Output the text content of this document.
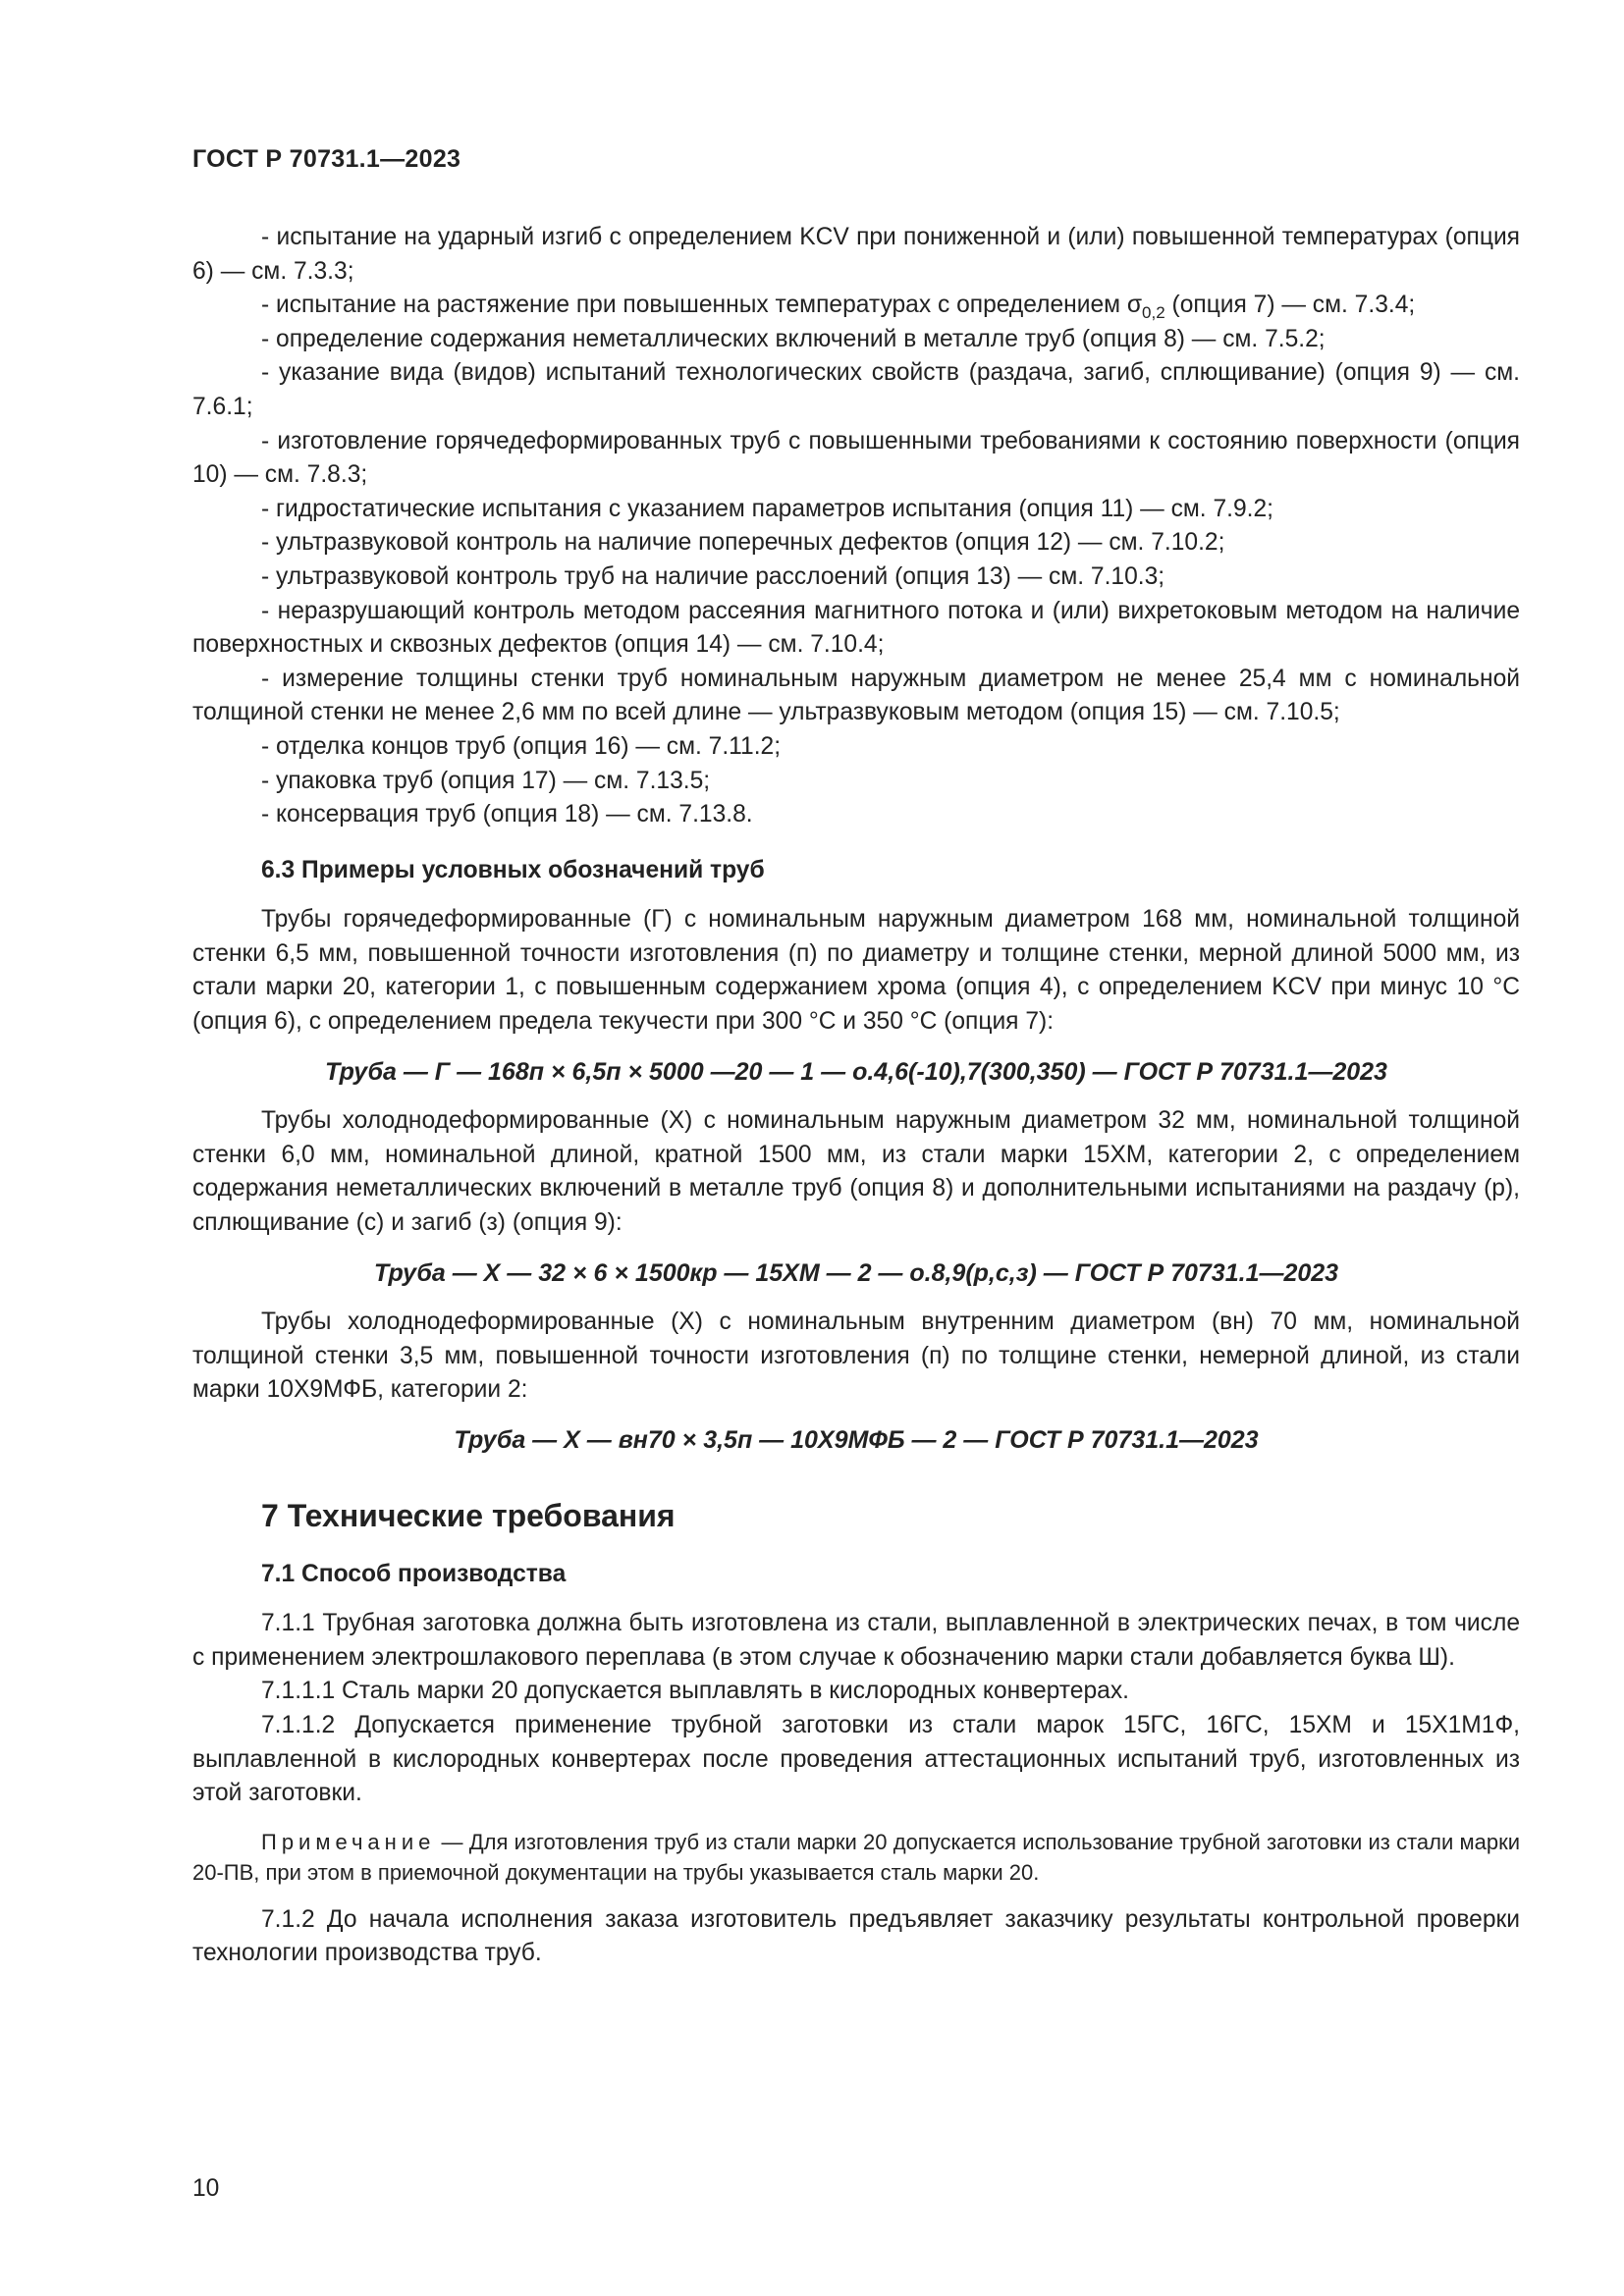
ГОСТ Р 70731.1—2023

- испытание на ударный изгиб с определением KCV при пониженной и (или) повышенной температурах (опция 6) — см. 7.3.3;

- испытание на растяжение при повышенных температурах с определением $\sigma_{0,2}$ (опция 7) — см. 7.3.4;

- определение содержания неметаллических включений в металле труб (опция 8) — см. 7.5.2;

- указание вида (видов) испытаний технологических свойств (раздача, загиб, сплющивание) (опция 9) — см. 7.6.1;

- изготовление горячедеформированных труб с повышенными требованиями к состоянию поверхности (опция 10) — см. 7.8.3;

- гидростатические испытания с указанием параметров испытания (опция 11) — см. 7.9.2;

- ультразвуковой контроль на наличие поперечных дефектов (опция 12) — см. 7.10.2;

- ультразвуковой контроль труб на наличие расслоений (опция 13) — см. 7.10.3;

- неразрушающий контроль методом рассеяния магнитного потока и (или) вихретоковым методом на наличие поверхностных и сквозных дефектов (опция 14) — см. 7.10.4;

- измерение толщины стенки труб номинальным наружным диаметром не менее 25,4 мм с номинальной толщиной стенки не менее 2,6 мм по всей длине — ультразвуковым методом (опция 15) — см. 7.10.5;

- отделка концов труб (опция 16) — см. 7.11.2;

- упаковка труб (опция 17) — см. 7.13.5;

- консервация труб (опция 18) — см. 7.13.8.

6.3 Примеры условных обозначений труб

Трубы горячедеформированные (Г) с номинальным наружным диаметром 168 мм, номинальной толщиной стенки 6,5 мм, повышенной точности изготовления (п) по диаметру и толщине стенки, мерной длиной 5000 мм, из стали марки 20, категории 1, с повышенным содержанием хрома (опция 4), с определением KCV при минус 10 °С (опция 6), с определением предела текучести при 300 °С и 350 °С (опция 7):

Труба — Г — 168п × 6,5п × 5000 —20 — 1 — о.4,6(-10),7(300,350) — ГОСТ Р 70731.1—2023

Трубы холоднодеформированные (Х) с номинальным наружным диаметром 32 мм, номинальной толщиной стенки 6,0 мм, номинальной длиной, кратной 1500 мм, из стали марки 15ХМ, категории 2, с определением содержания неметаллических включений в металле труб (опция 8) и дополнительными испытаниями на раздачу (р), сплющивание (с) и загиб (з) (опция 9):

Труба — Х — 32 × 6 × 1500кр — 15ХМ — 2 — о.8,9(р,с,з) — ГОСТ Р 70731.1—2023

Трубы холоднодеформированные (Х) с номинальным внутренним диаметром (вн) 70 мм, номинальной толщиной стенки 3,5 мм, повышенной точности изготовления (п) по толщине стенки, немерной длиной, из стали марки 10Х9МФБ, категории 2:

Труба — Х — вн70 × 3,5п — 10Х9МФБ — 2 — ГОСТ Р 70731.1—2023

7 Технические требования
7.1 Способ производства

7.1.1 Трубная заготовка должна быть изготовлена из стали, выплавленной в электрических печах, в том числе с применением электрошлакового переплава (в этом случае к обозначению марки стали добавляется буква Ш).

7.1.1.1 Сталь марки 20 допускается выплавлять в кислородных конвертерах.

7.1.1.2 Допускается применение трубной заготовки из стали марок 15ГС, 16ГС, 15ХМ и 15Х1М1Ф, выплавленной в кислородных конвертерах после проведения аттестационных испытаний труб, изготовленных из этой заготовки.

Примечание — Для изготовления труб из стали марки 20 допускается использование трубной заготовки из стали марки 20-ПВ, при этом в приемочной документации на трубы указывается сталь марки 20.

7.1.2 До начала исполнения заказа изготовитель предъявляет заказчику результаты контрольной проверки технологии производства труб.

10
